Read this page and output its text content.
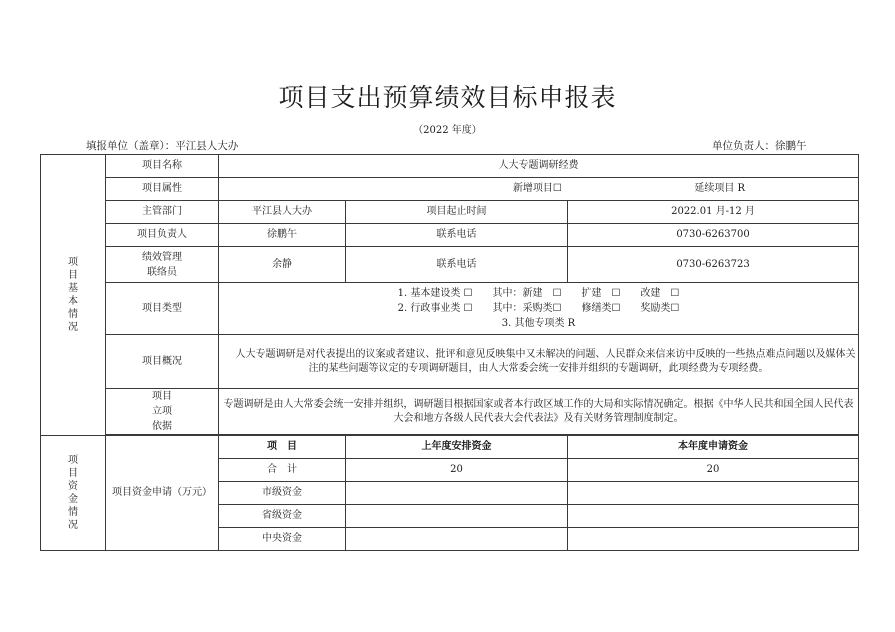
项目支出预算绩效目标申报表
（2022 年度）
填报单位（盖章）：平江县人大办	单位负责人：徐鹏午
项目基本情况	项目名称	人大专题调研经费		
	项目属性	新增项目☐ 延续项目 R		
	主管部门	平江县人大办	项目起止时间	2022.01 月-12 月
	项目负责人	徐鹏午	联系电话	0730-6263700
	绩效管理联络员	余静	联系电话	0730-6263723
	项目类型	1. 基本建设类 ☐　　其中：新建　☐　　扩建　☐　　改建　☐
2. 行政事业类 ☐　　其中：采购类☐　　修缮类☐　　奖励类☐
3. 其他专项类 R		

	项目概况	人大专题调研是对代表提出的议案或者建议、批评和意见反映集中又未解决的问题、人民群众来信来访中反映的一些热点难点问题以及媒体关注的某些问题等议定的专项调研题目，由人大常委会统一安排并组织的专题调研，此项经费为专项经费。		
	项目立项依据	专题调研是由人大常委会统一安排并组织，调研题目根据国家或者本行政区域工作的大局和实际情况确定。根据《中华人民共和国全国人民代表大会和地方各级人民代表大会代表法》及有关财务管理制度制定。		
项目资金情况	项目资金申请（万元）	项　目	上年度安排资金	本年度申请资金
		合　计	20	20
		市级资金		
		省级资金		
		中央资金		
